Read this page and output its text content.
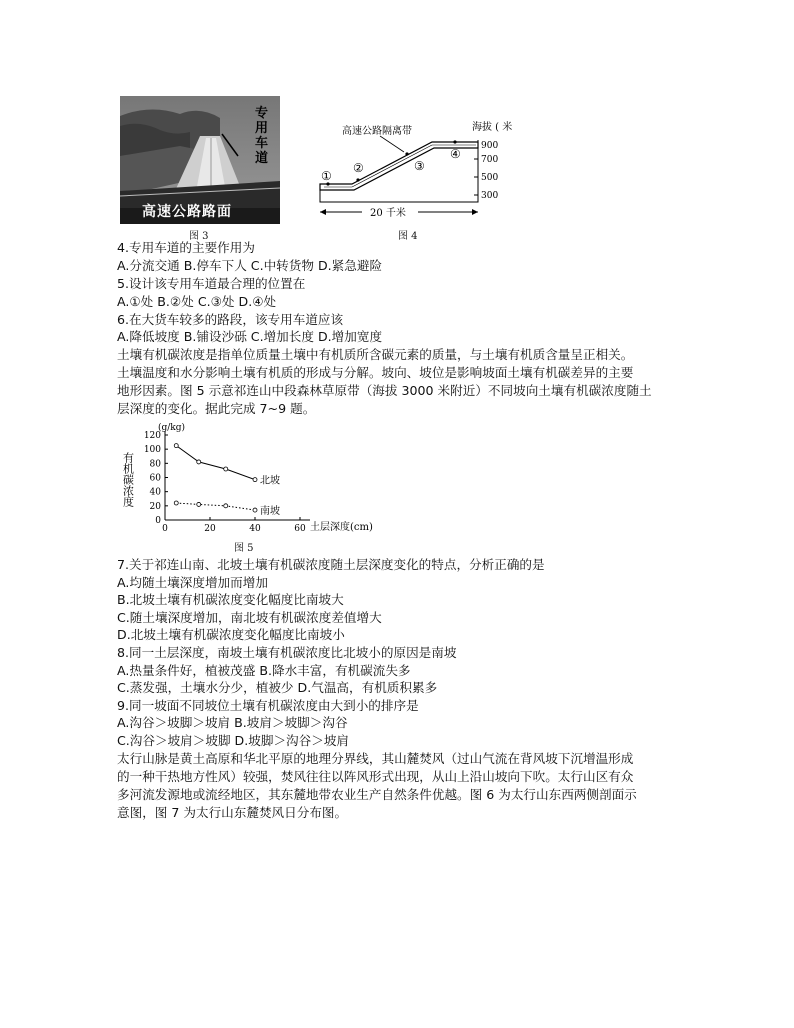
专用车道
高速公路路面
图 3
900
700
500
300
海拔 ( 米
①
②	③
④
高速公路隔离带
20 千米
图 4
4.专用车道的主要作用为
A.分流交通 B.停车下人 C.中转货物 D.紧急避险
5.设计该专用车道最合理的位置在
A.①处 B.②处 C.③处 D.④处
6.在大货车较多的路段，该专用车道应该
A.降低坡度 B.铺设沙砾 C.增加长度 D.增加宽度
土壤有机碳浓度是指单位质量土壤中有机质所含碳元素的质量，与土壤有机质含量呈正相关。
土壤温度和水分影响土壤有机质的形成与分解。坡向、坡位是影响坡面土壤有机碳差异的主要
地形因素。图 5 示意祁连山中段森林草原带（海拔 3000 米附近）不同坡向土壤有机碳浓度随土
层深度的变化。据此完成 7~9 题。
有机碳浓度
(g/kg)
土层深度(cm)
0
20
40
60
80
100
120
0	20	40	60
北坡
南坡
图 5
7.关于祁连山南、北坡土壤有机碳浓度随土层深度变化的特点，分析正确的是
A.均随土壤深度增加而增加
B.北坡土壤有机碳浓度变化幅度比南坡大
C.随土壤深度增加，南北坡有机碳浓度差值增大
D.北坡土壤有机碳浓度变化幅度比南坡小
8.同一土层深度，南坡土壤有机碳浓度比北坡小的原因是南坡
A.热量条件好，植被茂盛 B.降水丰富，有机碳流失多
C.蒸发强，土壤水分少，植被少 D.气温高，有机质积累多
9.同一坡面不同坡位土壤有机碳浓度由大到小的排序是
A.沟谷＞坡脚＞坡肩 B.坡肩＞坡脚＞沟谷
C.沟谷＞坡肩＞坡脚 D.坡脚＞沟谷＞坡肩
太行山脉是黄土高原和华北平原的地理分界线，其山麓焚风（过山气流在背风坡下沉增温形成
的一种干热地方性风）较强，焚风往往以阵风形式出现，从山上沿山坡向下吹。太行山区有众
多河流发源地或流经地区，其东麓地带农业生产自然条件优越。图 6 为太行山东西两侧剖面示
意图，图 7 为太行山东麓焚风日分布图。
